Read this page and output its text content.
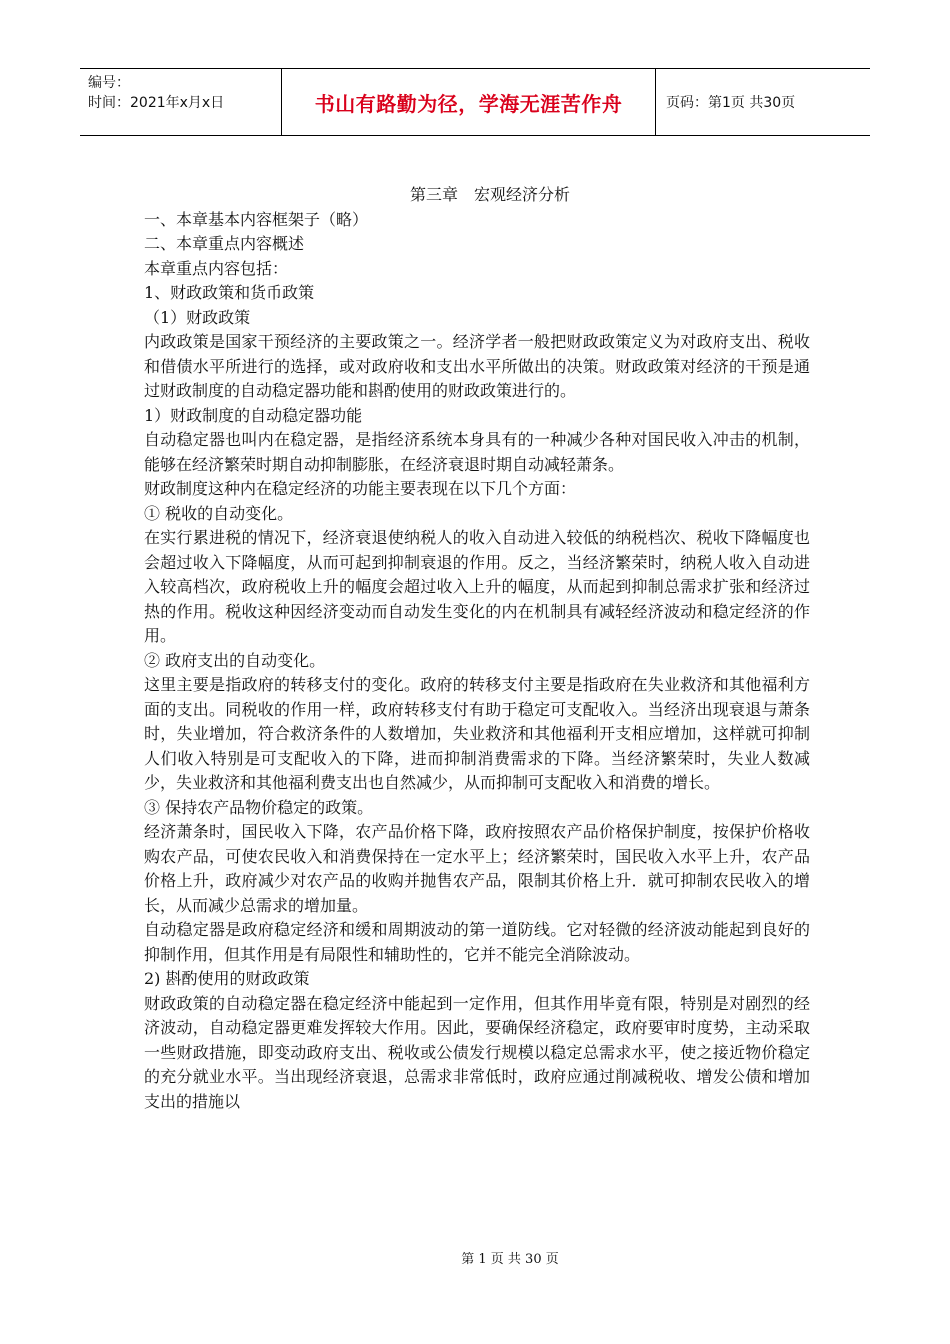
编号：
时间：2021年x月x日	书山有路勤为径，学海无涯苦作舟	页码：第1页 共30页

第三章　宏观经济分析

一、本章基本内容框架子（略）

二、本章重点内容概述

本章重点内容包括：

1、财政政策和货币政策

（1）财政政策

内政政策是国家干预经济的主要政策之一。经济学者一般把财政政策定义为对政府支出、税收和借债水平所进行的选择，或对政府收和支出水平所做出的决策。财政政策对经济的干预是通过财政制度的自动稳定器功能和斟酌使用的财政政策进行的。

1）财政制度的自动稳定器功能

自动稳定器也叫内在稳定器，是指经济系统本身具有的一种减少各种对国民收入冲击的机制，能够在经济繁荣时期自动抑制膨胀，在经济衰退时期自动减轻萧条。

财政制度这种内在稳定经济的功能主要表现在以下几个方面：

① 税收的自动变化。

在实行累进税的情况下，经济衰退使纳税人的收入自动进入较低的纳税档次、税收下降幅度也会超过收入下降幅度，从而可起到抑制衰退的作用。反之，当经济繁荣时，纳税人收入自动进入较高档次，政府税收上升的幅度会超过收入上升的幅度，从而起到抑制总需求扩张和经济过热的作用。税收这种因经济变动而自动发生变化的内在机制具有减轻经济波动和稳定经济的作用。

② 政府支出的自动变化。

这里主要是指政府的转移支付的变化。政府的转移支付主要是指政府在失业救济和其他福利方面的支出。同税收的作用一样，政府转移支付有助于稳定可支配收入。当经济出现衰退与萧条时，失业增加，符合救济条件的人数增加，失业救济和其他福利开支相应增加，这样就可抑制人们收入特别是可支配收入的下降，进而抑制消费需求的下降。当经济繁荣时，失业人数减少，失业救济和其他福利费支出也自然减少，从而抑制可支配收入和消费的增长。

③ 保持农产品物价稳定的政策。

经济萧条时，国民收入下降，农产品价格下降，政府按照农产品价格保护制度，按保护价格收购农产品，可使农民收入和消费保持在一定水平上；经济繁荣时，国民收入水平上升，农产品价格上升，政府减少对农产品的收购并抛售农产品，限制其价格上升．就可抑制农民收入的增长，从而减少总需求的增加量。

自动稳定器是政府稳定经济和缓和周期波动的第一道防线。它对轻微的经济波动能起到良好的抑制作用，但其作用是有局限性和辅助性的，它并不能完全消除波动。

2) 斟酌使用的财政政策

财政政策的自动稳定器在稳定经济中能起到一定作用，但其作用毕竟有限，特别是对剧烈的经济波动，自动稳定器更难发挥较大作用。因此，要确保经济稳定，政府要审时度势，主动采取一些财政措施，即变动政府支出、税收或公债发行规模以稳定总需求水平，使之接近物价稳定的充分就业水平。当出现经济衰退，总需求非常低时，政府应通过削减税收、增发公债和增加支出的措施以

第 1 页 共 30 页
